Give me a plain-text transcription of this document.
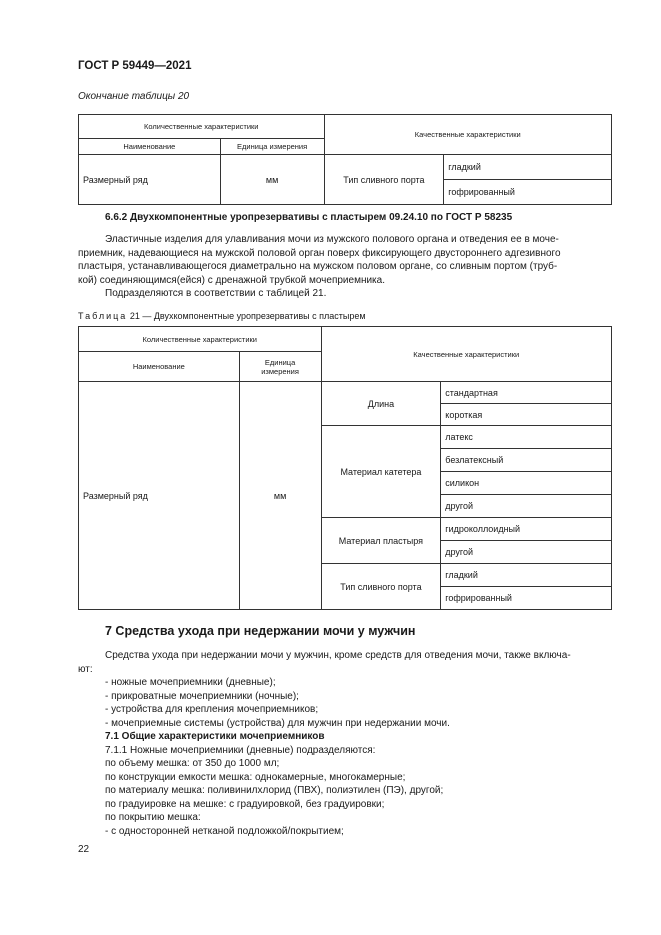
ГОСТ Р 59449—2021
Окончание таблицы 20
Количественные характеристики		Качественные характеристики	
Наименование	Единица измерения		
Размерный ряд	мм	Тип сливного порта	гладкий
			гофрированный
6.6.2 Двухкомпонентные уропрезервативы с пластырем 09.24.10 по ГОСТ Р 58235
Эластичные изделия для улавливания мочи из мужского полового органа и отведения ее в моче-
приемник, надевающиеся на мужской половой орган поверх фиксирующего двустороннего адгезивного
пластыря, устанавливающегося диаметрально на мужском половом органе, со сливным портом (труб-
кой) соединяющимся(ейся) с дренажной трубкой мочеприемника.
Подразделяются в соответствии с таблицей 21.
Таблица 21 — Двухкомпонентные уропрезервативы с пластырем
Количественные характеристики		Качественные характеристики	
Наименование	Единица
измерения		

Размерный ряд	мм	Длина	стандартная
			короткая
		Материал катетера	латекс
			безлатексный
			силикон
			другой
		Материал пластыря	гидроколлоидный
			другой
		Тип сливного порта	гладкий
			гофрированный
7 Средства ухода при недержании мочи у мужчин
Средства ухода при недержании мочи у мужчин, кроме средств для отведения мочи, также включа-
ют:
- ножные мочеприемники (дневные);
- прикроватные мочеприемники (ночные);
- устройства для крепления мочеприемников;
- мочеприемные системы (устройства) для мужчин при недержании мочи.
7.1 Общие характеристики мочеприемников
7.1.1 Ножные мочеприемники (дневные) подразделяются:
по объему мешка: от 350 до 1000 мл;
по конструкции емкости мешка: однокамерные, многокамерные;
по материалу мешка: поливинилхлорид (ПВХ), полиэтилен (ПЭ), другой;
по градуировке на мешке: с градуировкой, без градуировки;
по покрытию мешка:
- с односторонней нетканой подложкой/покрытием;
22
